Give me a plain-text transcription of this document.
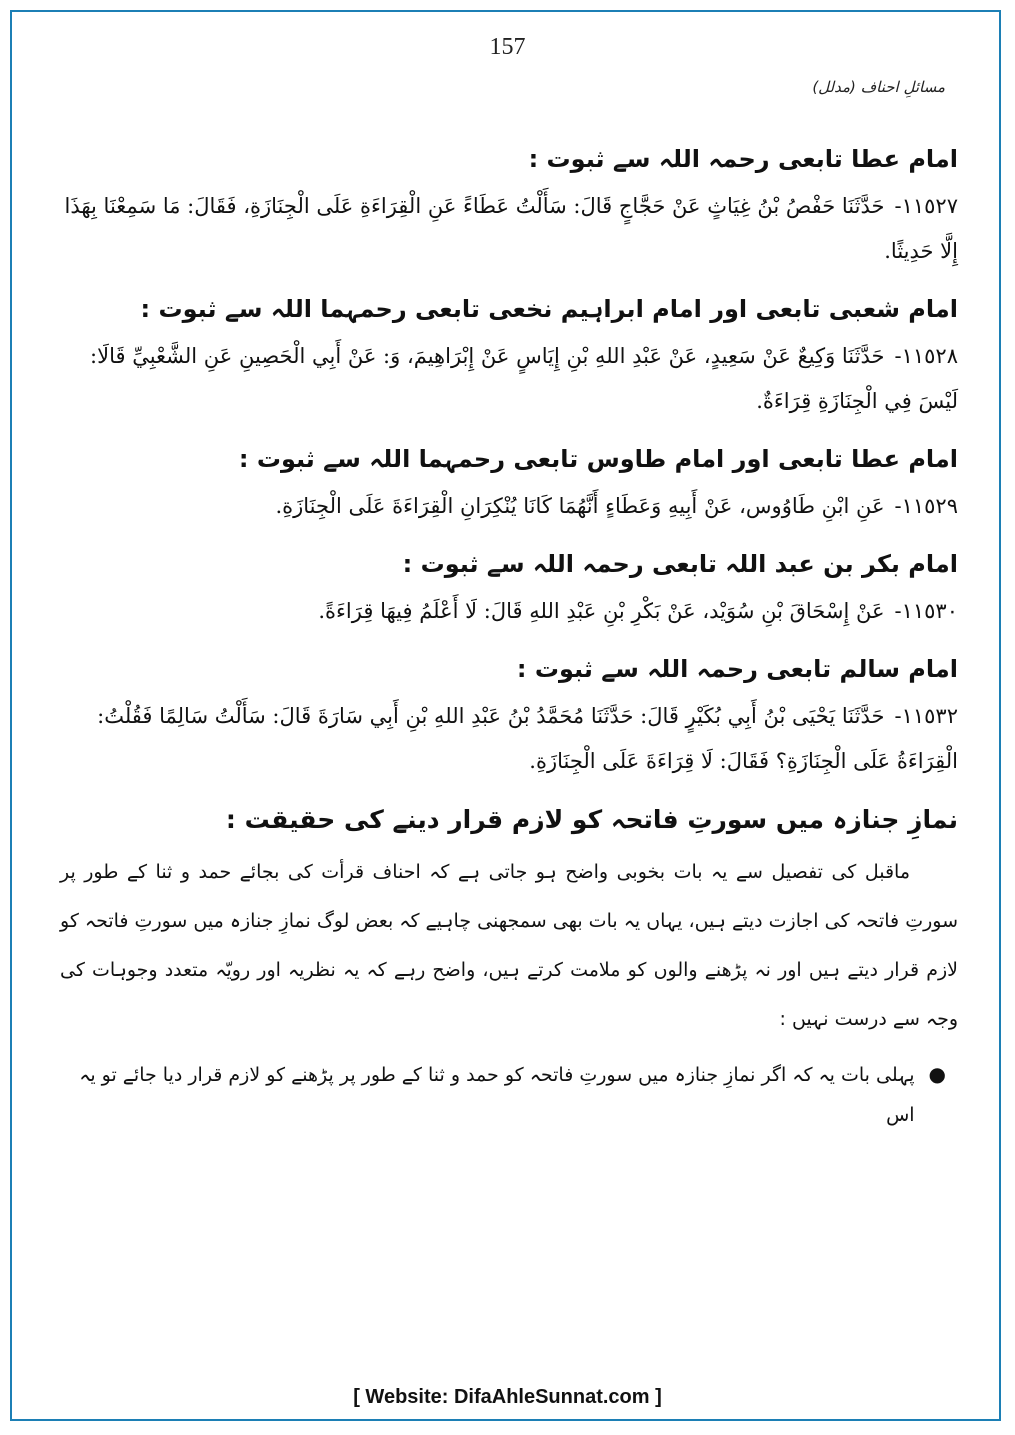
157
مسائلِ احناف (مدلل)
امام عطا تابعی رحمہ اللہ سے ثبوت :
١١٥٢٧-حَدَّثَنَا حَفْصُ بْنُ غِيَاثٍ عَنْ حَجَّاجٍ قَالَ: سَأَلْتُ عَطَاءً عَنِ الْقِرَاءَةِ عَلَى الْجِنَازَةِ، فَقَالَ: مَا سَمِعْنَا بِهَذَا إِلَّا حَدِيثًا.
امام شعبی تابعی اور امام ابراہیم نخعی تابعی رحمہما اللہ سے ثبوت :
١١٥٢٨-حَدَّثَنَا وَكِيعٌ عَنْ سَعِيدٍ، عَنْ عَبْدِ اللهِ بْنِ إِيَاسٍ عَنْ إِبْرَاهِيمَ، وَ: عَنْ أَبِي الْحَصِينِ عَنِ الشَّعْبِيِّ قَالَا: لَيْسَ فِي الْجِنَازَةِ قِرَاءَةٌ.
امام عطا تابعی اور امام طاوس تابعی رحمہما اللہ سے ثبوت :
١١٥٢٩-عَنِ ابْنِ طَاوُوس، عَنْ أَبِيهِ وَعَطَاءٍ أَنَّهُمَا كَانَا يُنْكِرَانِ الْقِرَاءَةَ عَلَى الْجِنَازَةِ.
امام بکر بن عبد اللہ تابعی رحمہ اللہ سے ثبوت :
١١٥٣٠-عَنْ إِسْحَاقَ بْنِ سُوَيْد، عَنْ بَكْرِ بْنِ عَبْدِ اللهِ قَالَ: لَا أَعْلَمُ فِيهَا قِرَاءَةً.
امام سالم تابعی رحمہ اللہ سے ثبوت :
١١٥٣٢-حَدَّثَنَا يَحْيَى بْنُ أَبِي بُكَيْرٍ قَالَ: حَدَّثَنَا مُحَمَّدُ بْنُ عَبْدِ اللهِ بْنِ أَبِي سَارَةَ قَالَ: سَأَلْتُ سَالِمًا فَقُلْتُ: الْقِرَاءَةُ عَلَى الْجِنَازَةِ؟ فَقَالَ: لَا قِرَاءَةَ عَلَى الْجِنَازَةِ.
نمازِ جنازہ میں سورتِ فاتحہ کو لازم قرار دینے کی حقیقت :

ماقبل کی تفصیل سے یہ بات بخوبی واضح ہو جاتی ہے کہ احناف قرأت کی بجائے حمد و ثنا کے طور پر سورتِ فاتحہ کی اجازت دیتے ہیں، یہاں یہ بات بھی سمجھنی چاہیے کہ بعض لوگ نمازِ جنازہ میں سورتِ فاتحہ کو لازم قرار دیتے ہیں اور نہ پڑھنے والوں کو ملامت کرتے ہیں، واضح رہے کہ یہ نظریہ اور رویّہ متعدد وجوہات کی وجہ سے درست نہیں :

●
پہلی بات یہ کہ اگر نمازِ جنازہ میں سورتِ فاتحہ کو حمد و ثنا کے طور پر پڑھنے کو لازم قرار دیا جائے تو یہ اس
[ Website: DifaAhleSunnat.com ]
